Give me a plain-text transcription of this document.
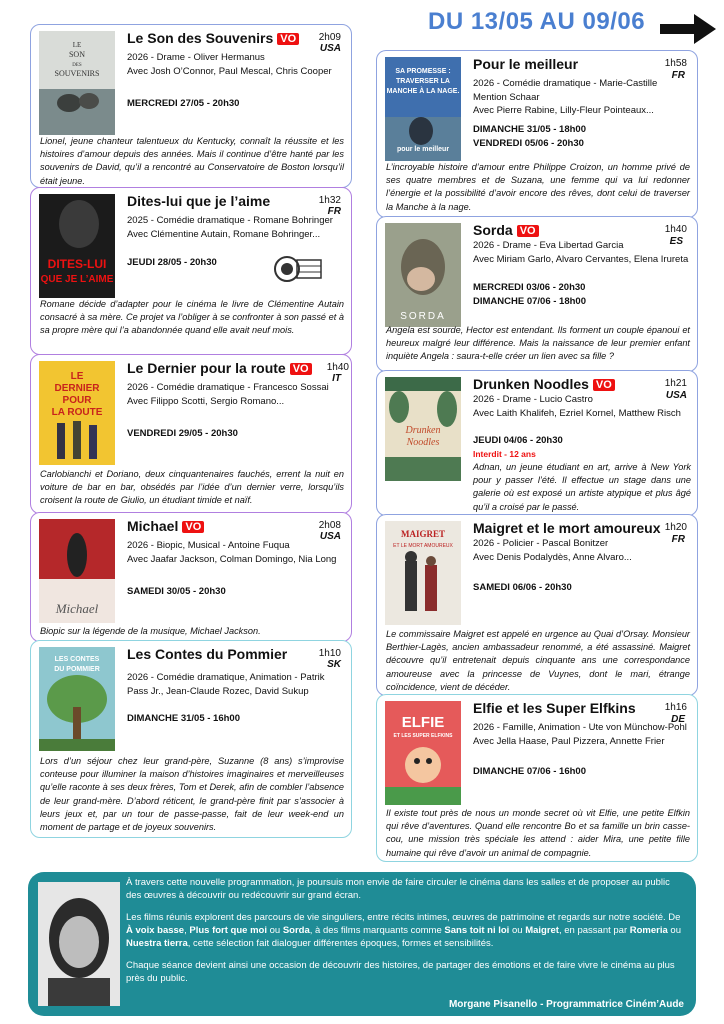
DU 13/05 AU 09/06
LE
SON
DES
SOUVENIRS
Le Son des Souvenirs VO	2h09
USA
2026 - Drame - Oliver Hermanus
Avec Josh O’Connor, Paul Mescal, Chris Cooper
MERCREDI 27/05 - 20h30
Lionel, jeune chanteur talentueux du Kentucky, connaît la réussite et les histoires d’amour depuis des années. Mais il continue d’être hanté par les souvenirs de David, qu’il a rencontré au Conservatoire de Boston lorsqu’il était jeune.
DITES-LUI
QUE JE L’AIME
Dites-lui que je l’aime	1h32
FR
2025 - Comédie dramatique - Romane Bohringer
Avec Clémentine Autain, Romane Bohringer...
JEUDI 28/05 - 20h30
Romane décide d’adapter pour le cinéma le livre de Clémentine Autain consacré à sa mère. Ce projet va l’obliger à se confronter à son passé et à sa propre mère qui l’a abandonnée quand elle avait neuf mois.
LE
DERNIER
POUR
LA ROUTE
Le Dernier pour la route VO	1h40
IT
2026 - Comédie dramatique - Francesco Sossai
Avec Filippo Scotti, Sergio Romano...
VENDREDI 29/05 - 20h30
Carlobianchi et Doriano, deux cinquantenaires fauchés, errent la nuit en voiture de bar en bar, obsédés par l’idée d’un dernier verre, lorsqu’ils croisent la route de Giulio, un étudiant timide et naïf.
Michael
Michael VO	2h08
USA
2026 - Biopic, Musical - Antoine Fuqua
Avec Jaafar Jackson, Colman Domingo, Nia Long
SAMEDI 30/05 - 20h30
Biopic sur la légende de la musique, Michael Jackson.
LES CONTES
DU POMMIER
Les Contes du Pommier	1h10
SK
2026 - Comédie dramatique, Animation - Patrik
Pass Jr., Jean-Claude Rozec, David Sukup
DIMANCHE 31/05 - 16h00
Lors d’un séjour chez leur grand-père, Suzanne (8 ans) s’improvise conteuse pour illuminer la maison d’histoires imaginaires et merveilleuses qu’elle raconte à ses deux frères, Tom et Derek, afin de combler l’absence de leur grand-mère. D’abord réticent, le grand-père finit par s’associer à leurs jeux et, par un tour de passe-passe, fait de leur week-end un moment de partage et de joyeux souvenirs.
SA PROMESSE :
TRAVERSER LA
MANCHE À LA NAGE.
pour le meilleur
Pour le meilleur	1h58
FR
2026 - Comédie dramatique - Marie-Castille
Mention Schaar
Avec Pierre Rabine, Lilly-Fleur Pointeaux...
DIMANCHE 31/05 - 18h00
VENDREDI 05/06 - 20h30
L’incroyable histoire d’amour entre Philippe Croizon, un homme privé de ses quatre membres et de Suzana, une femme qui va lui redonner l’énergie et la possibilité d’avoir encore des rêves, dont celui de traverser la Manche à la nage.
SORDA
Sorda VO	1h40
ES
2026 - Drame - Eva Libertad Garcia
Avec Miriam Garlo, Alvaro Cervantes, Elena Irureta
MERCREDI 03/06 - 20h30
DIMANCHE 07/06 - 18h00
Angela est sourde, Hector est entendant. Ils forment un couple épanoui et heureux malgré leur différence. Mais la naissance de leur premier enfant inquiète Angela : saura-t-elle créer un lien avec sa fille ?
Drunken
Noodles
Drunken Noodles VO	1h21
USA
2026 - Drame - Lucio Castro
Avec Laith Khalifeh, Ezriel Kornel, Matthew Risch
JEUDI 04/06 - 20h30
Interdit - 12 ans
Adnan, un jeune étudiant en art, arrive à New York pour y passer l’été. Il effectue un stage dans une galerie où est exposé un artiste atypique et plus âgé qu’il a croisé par le passé.
MAIGRET
ET LE MORT AMOUREUX
Maigret et le mort amoureux 1h20
FR
2026 - Policier - Pascal Bonitzer
Avec Denis Podalydès, Anne Alvaro...
SAMEDI 06/06 - 20h30
Le commissaire Maigret est appelé en urgence au Quai d’Orsay. Monsieur Berthier-Lagès, ancien ambassadeur renommé, a été assassiné. Maigret découvre qu’il entretenait depuis cinquante ans une correspondance amoureuse avec la princesse de Vuynes, dont le mari, étrange coïncidence, vient de décéder.
ELFIE
ET LES SUPER ELFKINS
Elfie et les Super Elfkins	1h16
DE
2026 - Famille, Animation - Ute von Münchow-Pohl
Avec Jella Haase, Paul Pizzera, Annette Frier
DIMANCHE 07/06 - 16h00
Il existe tout près de nous un monde secret où vit Elfie, une petite Elfkin qui rêve d’aventures. Quand elle rencontre Bo et sa famille un brin casse-cou, une mission très spéciale les attend : aider Mira, une petite fille humaine qui rêve d’avoir un animal de compagnie.

À travers cette nouvelle programmation, je poursuis mon envie de faire circuler le cinéma dans les salles et de proposer au public des œuvres à découvrir ou redécouvrir sur grand écran.

Les films réunis explorent des parcours de vie singuliers, entre récits intimes, œuvres de patrimoine et regards sur notre société. De À voix basse, Plus fort que moi ou Sorda, à des films marquants comme Sans toit ni loi ou Maigret, en passant par Romeria ou Nuestra tierra, cette sélection fait dialoguer différentes époques, formes et sensibilités.

Chaque séance devient ainsi une occasion de découvrir des histoires, de partager des émotions et de faire vivre le cinéma au plus près du public.

Morgane Pisanello - Programmatrice Ciném’Aude
